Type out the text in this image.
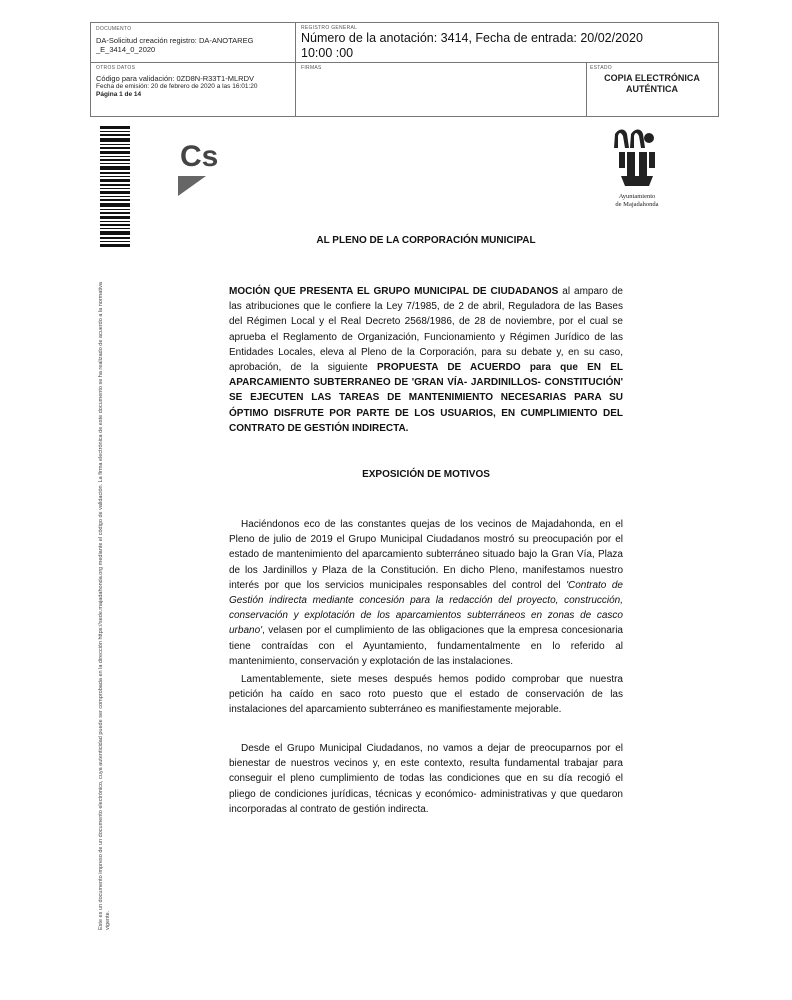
DOCUMENTO
DA-Solicitud creación registro: DA-ANOTAREG _E_3414_0_2020
REGISTRO GENERAL
Número de la anotación: 3414, Fecha de entrada: 20/02/2020 10:00 :00
OTROS DATOS
Código para validación: 0ZD8N-R33T1-MLRDV
Fecha de emisión: 20 de febrero de 2020 a las 16:01:20
Página 1 de 14
FIRMAS	ESTADO
COPIA ELECTRÓNICA AUTÉNTICA
Este es un documento impreso de un documento electrónico, cuya autenticidad puede ser comprobada en la dirección https://sede.majadahonda.org mediante el código de validación. La firma electrónica de este documento se ha realizado de acuerdo a la normativa vigente.
Cs
Ayuntamiento
de Majadahonda
AL PLENO DE LA CORPORACIÓN MUNICIPAL
MOCIÓN QUE PRESENTA EL GRUPO MUNICIPAL DE CIUDADANOS al amparo de las atribuciones que le confiere la Ley 7/1985, de 2 de abril, Reguladora de las Bases del Régimen Local y el Real Decreto 2568/1986, de 28 de noviembre, por el cual se aprueba el Reglamento de Organización, Funcionamiento y Régimen Jurídico de las Entidades Locales, eleva al Pleno de la Corporación, para su debate y, en su caso, aprobación, de la siguiente PROPUESTA DE ACUERDO para que EN EL APARCAMIENTO SUBTERRANEO DE 'GRAN VÍA- JARDINILLOS- CONSTITUCIÓN' SE EJECUTEN LAS TAREAS DE MANTENIMIENTO NECESARIAS PARA SU ÓPTIMO DISFRUTE POR PARTE DE LOS USUARIOS, EN CUMPLIMIENTO DEL CONTRATO DE GESTIÓN INDIRECTA.
EXPOSICIÓN DE MOTIVOS
Haciéndonos eco de las constantes quejas de los vecinos de Majadahonda, en el Pleno de julio de 2019 el Grupo Municipal Ciudadanos mostró su preocupación por el estado de mantenimiento del aparcamiento subterráneo situado bajo la Gran Vía, Plaza de los Jardinillos y Plaza de la Constitución. En dicho Pleno, manifestamos nuestro interés por que los servicios municipales responsables del control del 'Contrato de Gestión indirecta mediante concesión para la redacción del proyecto, construcción, conservación y explotación de los aparcamientos subterráneos en zonas de casco urbano', velasen por el cumplimiento de las obligaciones que la empresa concesionaria tiene contraídas con el Ayuntamiento, fundamentalmente en lo referido al mantenimiento, conservación y explotación de las instalaciones.
Lamentablemente, siete meses después hemos podido comprobar que nuestra petición ha caído en saco roto puesto que el estado de conservación de las instalaciones del aparcamiento subterráneo es manifiestamente mejorable.
Desde el Grupo Municipal Ciudadanos, no vamos a dejar de preocuparnos por el bienestar de nuestros vecinos y, en este contexto, resulta fundamental trabajar para conseguir el pleno cumplimiento de todas las condiciones que en su día recogió el pliego de condiciones jurídicas, técnicas y económico- administrativas y que quedaron incorporadas al contrato de gestión indirecta.
